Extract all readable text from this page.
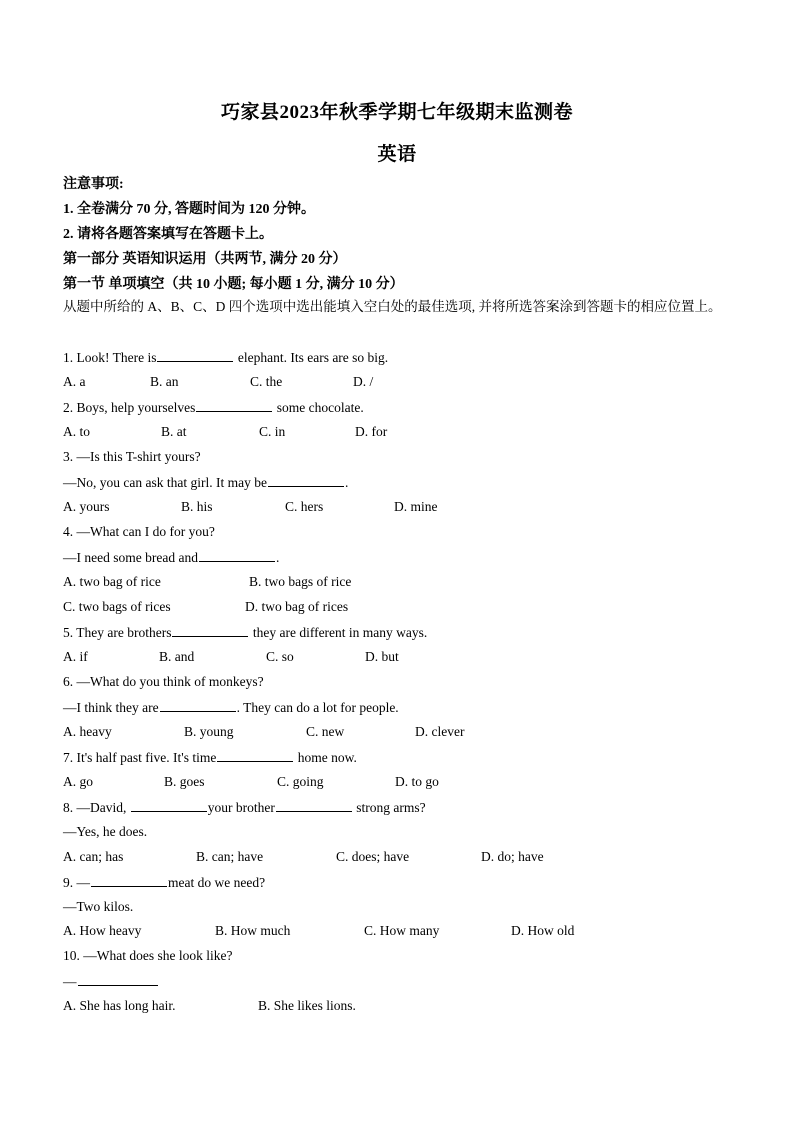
巧家县2023年秋季学期七年级期末监测卷
英语
注意事项:
1. 全卷满分 70 分, 答题时间为 120 分钟。
2. 请将各题答案填写在答题卡上。
第一部分 英语知识运用（共两节, 满分 20 分）
第一节 单项填空（共 10 小题; 每小题 1 分, 满分 10 分）
从题中所给的 A、B、C、D 四个选项中选出能填入空白处的最佳选项, 并将所选答案涂到答题卡的相应位置上。
1. Look! There is	elephant. Its ears are so big.
A. a	B. an	C. the	D. /
2. Boys, help yourselves	some chocolate.
A. to	B. at	C. in	D. for
3. —Is this T-shirt yours?
—No, you can ask that girl. It may be	.
A. yours	B. his	C. hers	D. mine
4. —What can I do for you?
—I need some bread and	.
A. two bag of rice	B. two bags of rice
C. two bags of rices	D. two bag of rices
5. They are brothers	they are different in many ways.
A. if	B. and	C. so	D. but
6. —What do you think of monkeys?
—I think they are	. They can do a lot for people.
A. heavy	B. young	C. new	D. clever
7. It's half past five. It's time	home now.
A. go	B. goes	C. going	D. to go
8. —David,	your brother	strong arms?
—Yes, he does.
A. can; has	B. can; have	C. does; have	D. do; have
9. —	meat do we need?
—Two kilos.
A. How heavy	B. How much	C. How many	D. How old
10. —What does she look like?
—
A. She has long hair.	B. She likes lions.
